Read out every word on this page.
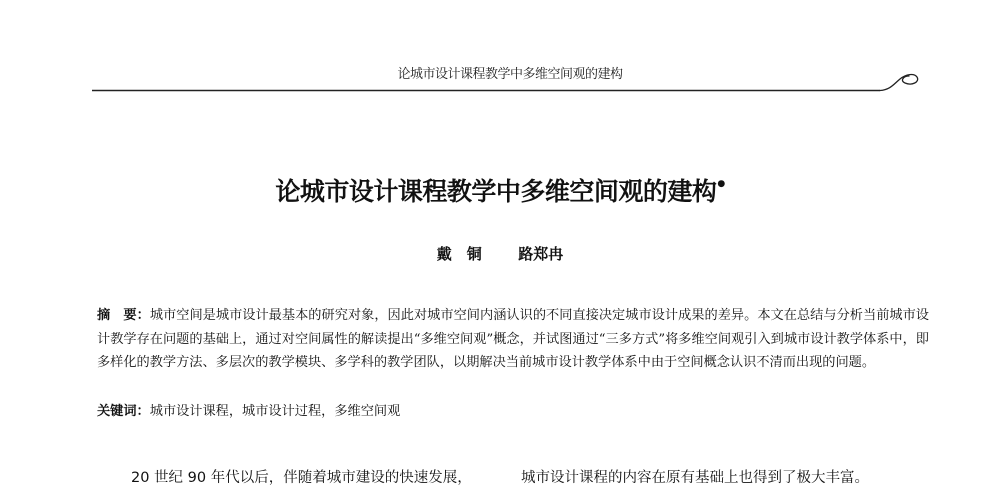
论城市设计课程教学中多维空间观的建构
论城市设计课程教学中多维空间观的建构●
戴　铜 路郑冉
摘　要：城市空间是城市设计最基本的研究对象，因此对城市空间内涵认识的不同直接决定城市设计成果的差异。本文在总结与分析当前城市设计教学存在问题的基础上，通过对空间属性的解读提出“多维空间观”概念，并试图通过“三多方式”将多维空间观引入到城市设计教学体系中，即多样化的教学方法、多层次的教学模块、多学科的教学团队，以期解决当前城市设计教学体系中由于空间概念认识不清而出现的问题。
关键词：城市设计课程，城市设计过程，多维空间观
20 世纪 90 年代以后，伴随着城市建设的快速发展，	城市设计课程的内容在原有基础上也得到了极大丰富。
